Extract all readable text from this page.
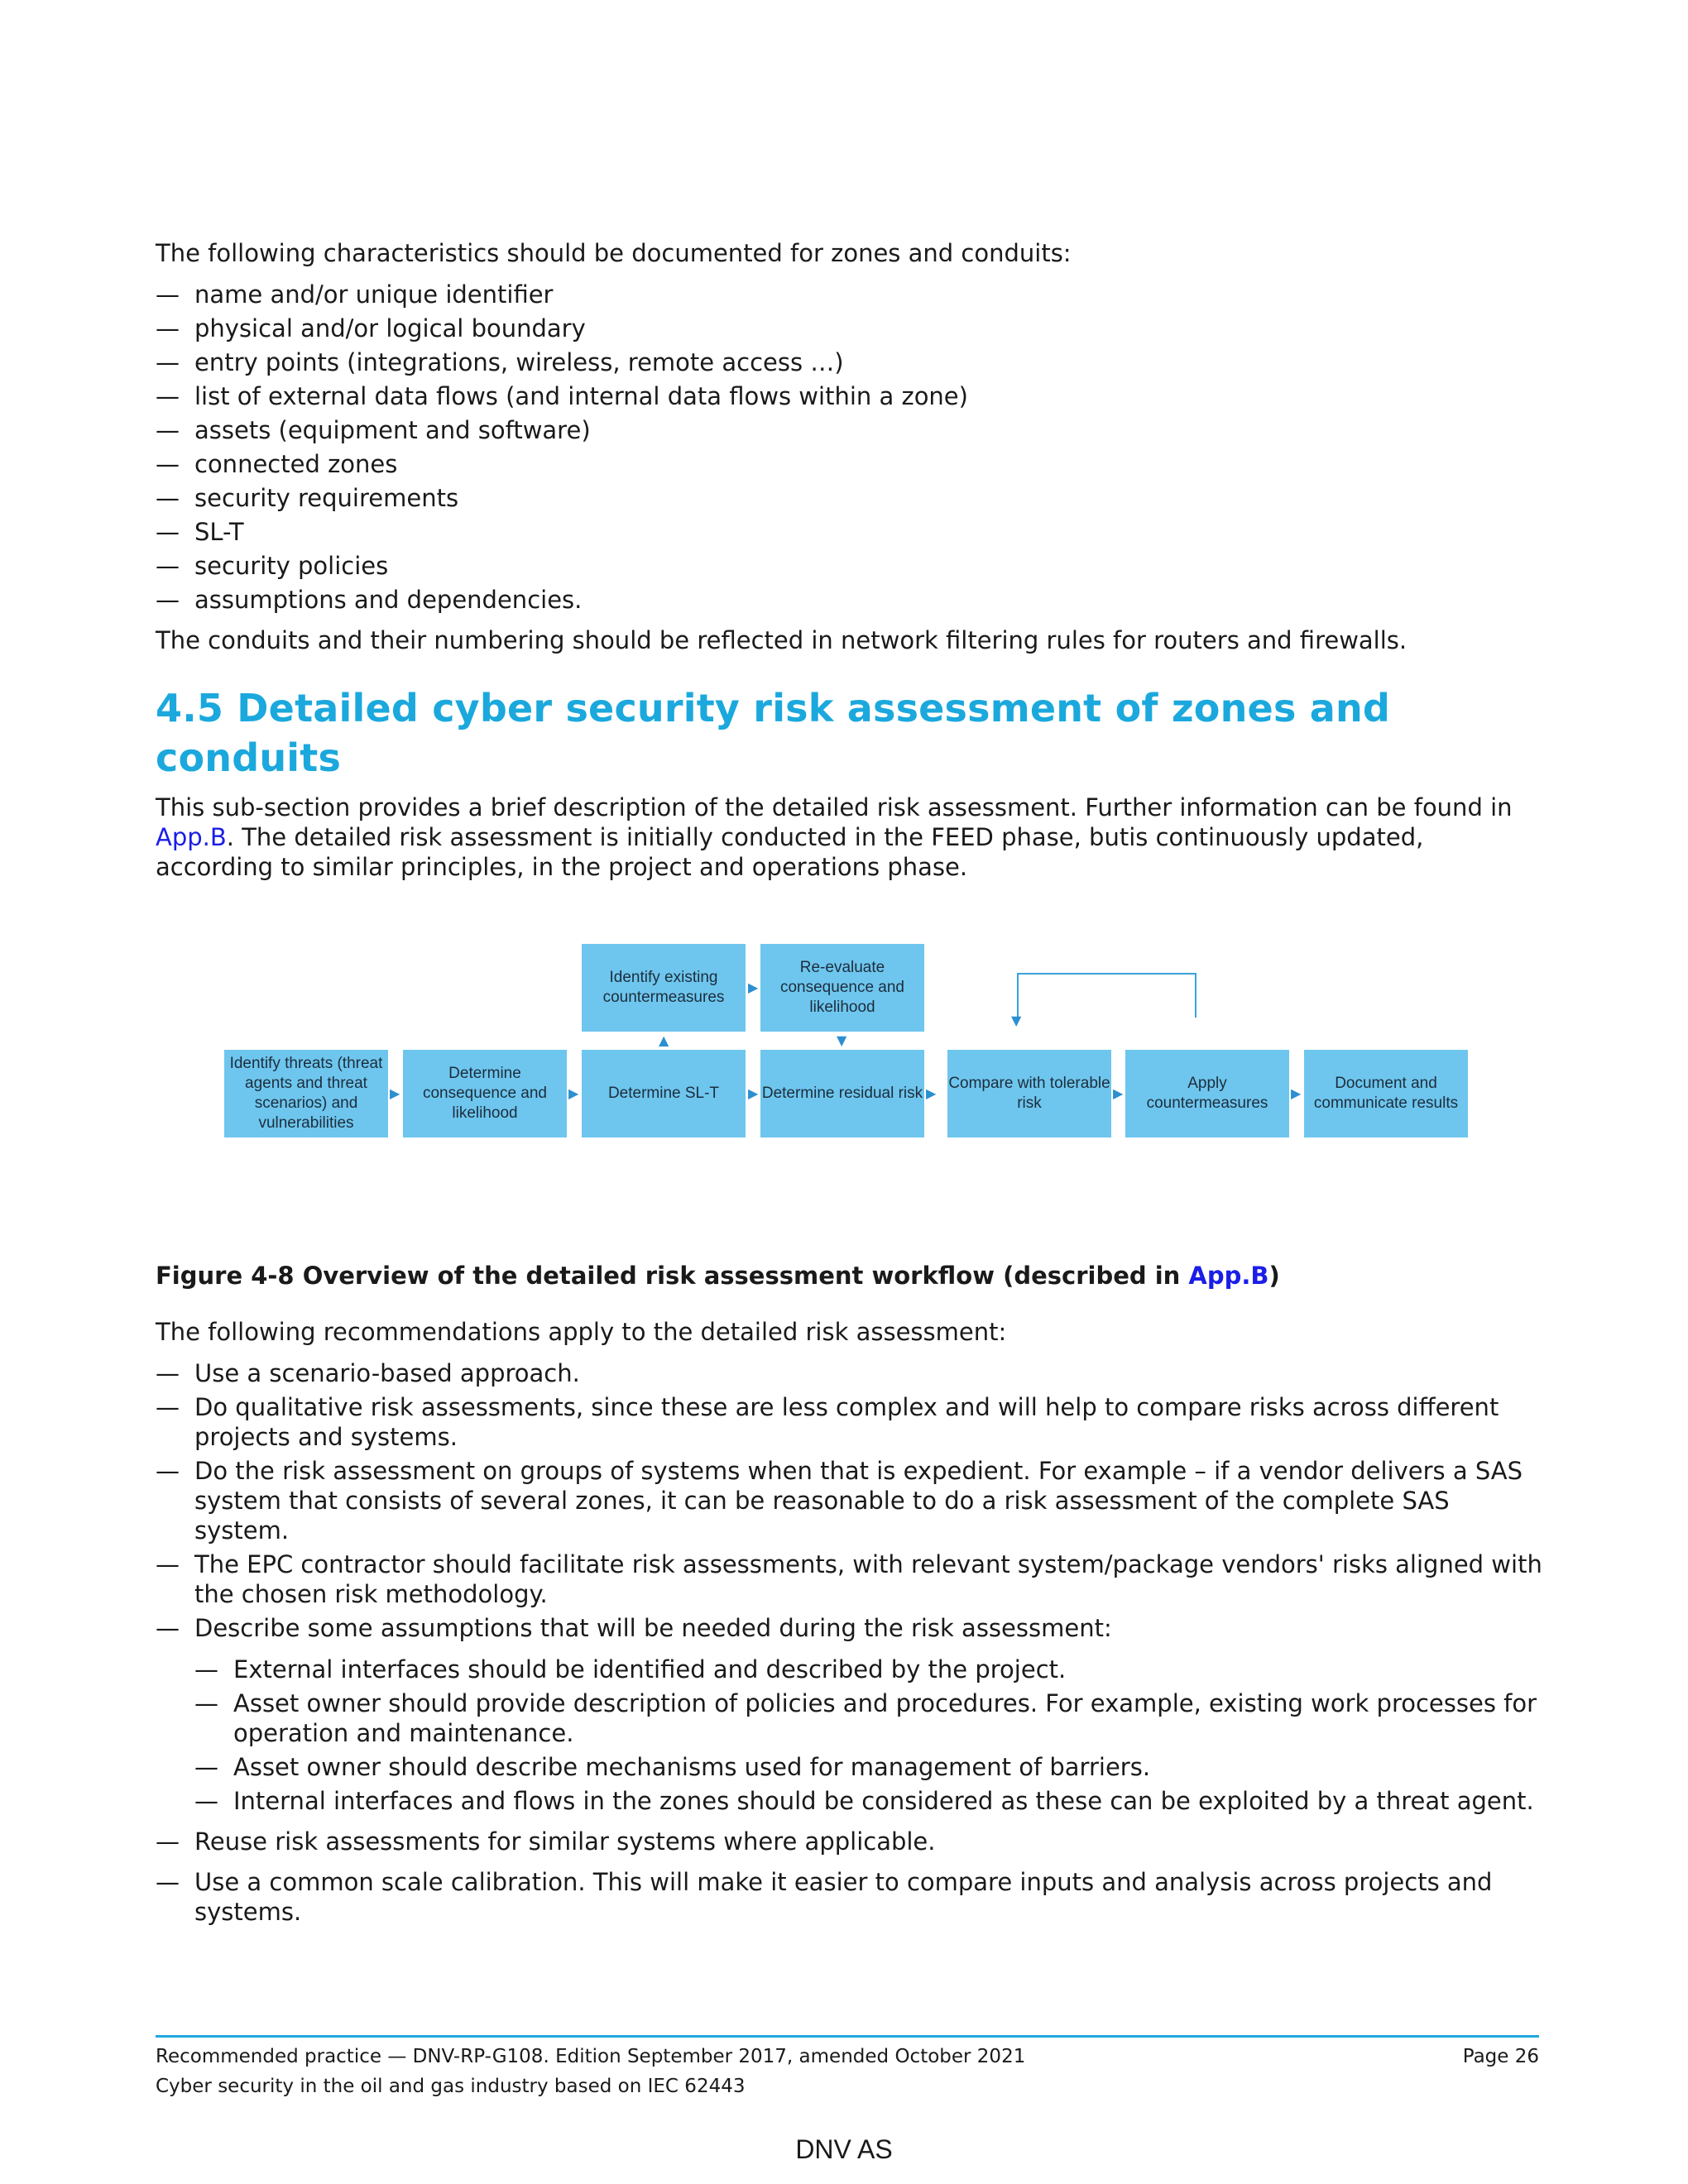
The following characteristics should be documented for zones and conduits:

— name and/or unique identifier
— physical and/or logical boundary
— entry points (integrations, wireless, remote access …)
— list of external data flows (and internal data flows within a zone)
— assets (equipment and software)
— connected zones
— security requirements
— SL-T
— security policies
— assumptions and dependencies.

The conduits and their numbering should be reflected in network filtering rules for routers and firewalls.

4.5 Detailed cyber security risk assessment of zones and conduits

This sub-section provides a brief description of the detailed risk assessment. Further information can be found in App.B. The detailed risk assessment is initially conducted in the FEED phase, butis continuously updated, according to similar principles, in the project and operations phase.

▼
Identify threats (threat agents and threat scenarios) and vulnerabilities
▶
Determine consequence and likelihood
▶	Determine SL-T	▶ Determine residual risk ▶
Compare with tolerable risk
▶
Apply countermeasures
▶
Document and communicate results
Identify existing countermeasures
▲
▶
Re-evaluate consequence and likelihood
▼

Figure 4-8 Overview of the detailed risk assessment workflow (described in App.B)

The following recommendations apply to the detailed risk assessment:

— Use a scenario-based approach.
— Do qualitative risk assessments, since these are less complex and will help to compare risks across different projects and systems.
— Do the risk assessment on groups of systems when that is expedient. For example – if a vendor delivers a SAS system that consists of several zones, it can be reasonable to do a risk assessment of the complete SAS system.
— The EPC contractor should facilitate risk assessments, with relevant system/package vendors' risks aligned with the chosen risk methodology.
— Describe some assumptions that will be needed during the risk assessment:
— External interfaces should be identified and described by the project.
— Asset owner should provide description of policies and procedures. For example, existing work processes for operation and maintenance.
— Asset owner should describe mechanisms used for management of barriers.
— Internal interfaces and flows in the zones should be considered as these can be exploited by a threat agent.
— Reuse risk assessments for similar systems where applicable.
— Use a common scale calibration. This will make it easier to compare inputs and analysis across projects and systems.
Recommended practice — DNV-RP-G108. Edition September 2017, amended October 2021
Cyber security in the oil and gas industry based on IEC 62443
Page 26
DNV AS
